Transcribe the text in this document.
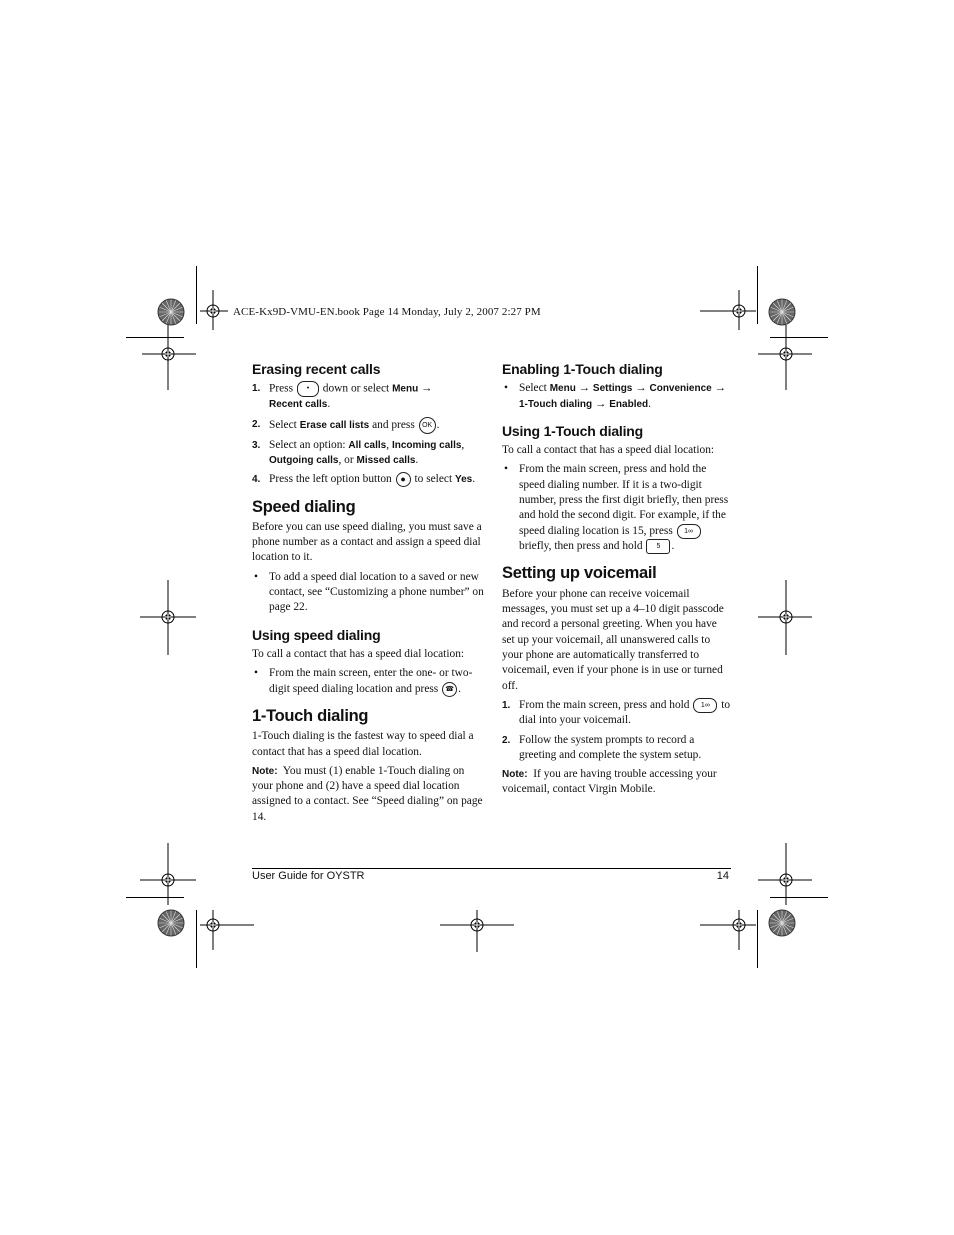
ACE-Kx9D-VMU-EN.book Page 14 Monday, July 2, 2007 2:27 PM
Erasing recent calls
1. Press • down or select Menu →
Recent calls.
2. Select Erase call lists and press OK .
3. Select an option: All calls, Incoming calls, Outgoing calls, or Missed calls.
4. Press the left option button ● to select Yes.
Speed dialing

Before you can use speed dialing, you must save a phone number as a contact and assign a speed dial location to it.

• To add a speed dial location to a saved or new contact, see “Customizing a phone number” on page 22.
Using speed dialing

To call a contact that has a speed dial location:

• From the main screen, enter the one- or two-digit speed dialing location and press ☎ .
1-Touch dialing

1-Touch dialing is the fastest way to speed dial a contact that has a speed dial location.

Note: You must (1) enable 1-Touch dialing on your phone and (2) have a speed dial location assigned to a contact. See “Speed dialing” on page 14.

Enabling 1-Touch dialing
• Select Menu → Settings → Convenience →
1-Touch dialing → Enabled.
Using 1-Touch dialing

To call a contact that has a speed dial location:

• From the main screen, press and hold the speed dialing number. If it is a two-digit number, press the first digit briefly, then press and hold the second digit. For example, if the speed dialing location is 15, press 1∞ briefly, then press and hold 5 .
Setting up voicemail

Before your phone can receive voicemail messages, you must set up a 4–10 digit passcode and record a personal greeting. When you have set up your voicemail, all unanswered calls to your phone are automatically transferred to voicemail, even if your phone is in use or turned off.

1. From the main screen, press and hold 1∞ to dial into your voicemail.
2. Follow the system prompts to record a greeting and complete the system setup.

Note: If you are having trouble accessing your voicemail, contact Virgin Mobile.

User Guide for OYSTR	14
